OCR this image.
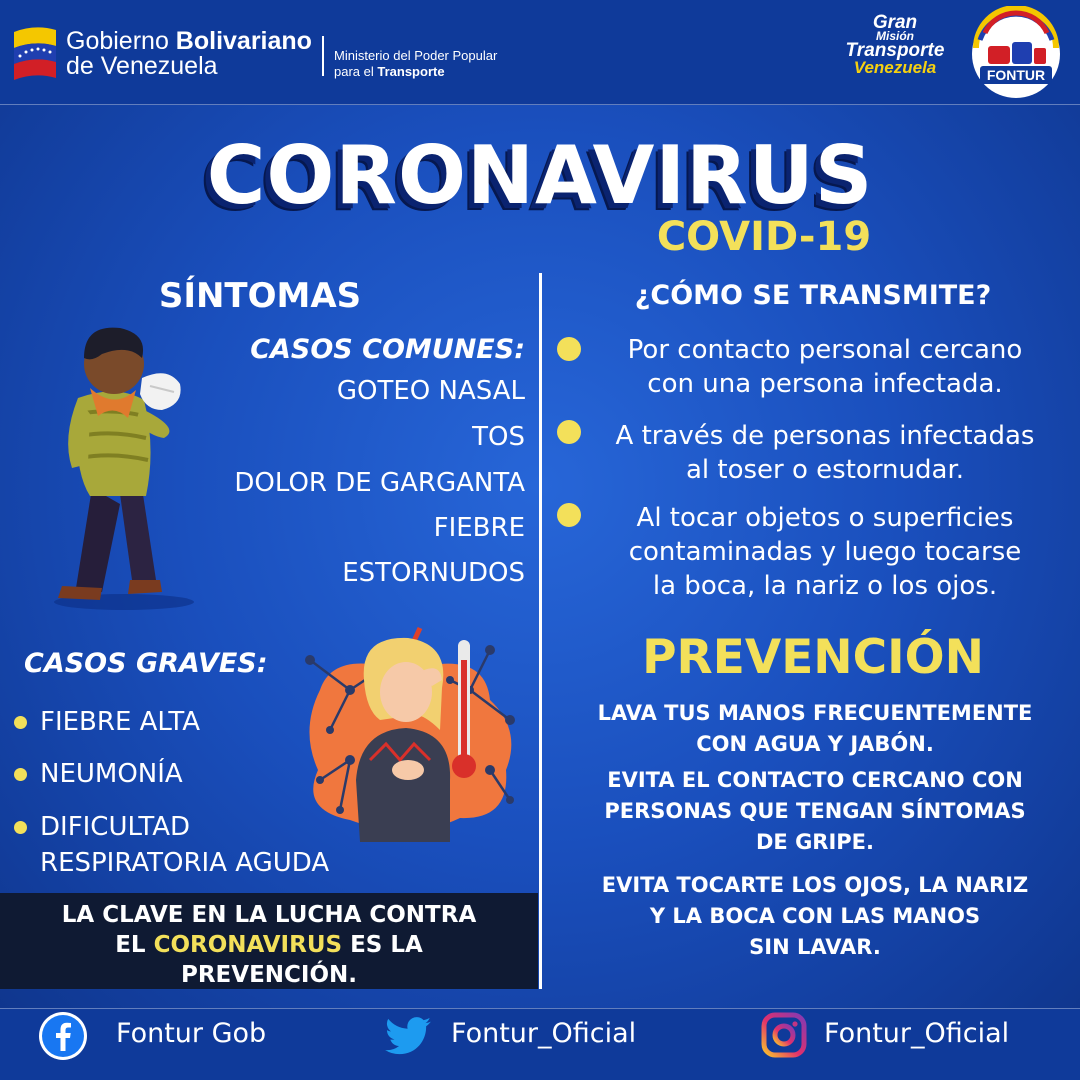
Gobierno Bolivariano
de Venezuela	Ministerio del Poder Popular
para el Transporte
Gran
Misión
Transporte
Venezuela	FONTUR
CORONAVIRUS
COVID-19
SÍNTOMAS
CASOS COMUNES:
GOTEO NASAL
TOS
DOLOR DE GARGANTA
FIEBRE
ESTORNUDOS
CASOS GRAVES:
FIEBRE ALTA
NEUMONÍA
DIFICULTAD
RESPIRATORIA AGUDA
LA CLAVE EN LA LUCHA CONTRA
EL CORONAVIRUS ES LA
PREVENCIÓN.
¿CÓMO SE TRANSMITE?
Por contacto personal cercano
con una persona infectada.
A través de personas infectadas
al toser o estornudar.
Al tocar objetos o superficies
contaminadas y luego tocarse
la boca, la nariz o los ojos.
PREVENCIÓN
LAVA TUS MANOS FRECUENTEMENTE
CON AGUA Y JABÓN.
EVITA EL CONTACTO CERCANO CON
PERSONAS QUE TENGAN SÍNTOMAS
DE GRIPE.
EVITA TOCARTE LOS OJOS, LA NARIZ
Y LA BOCA CON LAS MANOS
SIN LAVAR.
Fontur Gob	Fontur_Oficial	Fontur_Oficial
